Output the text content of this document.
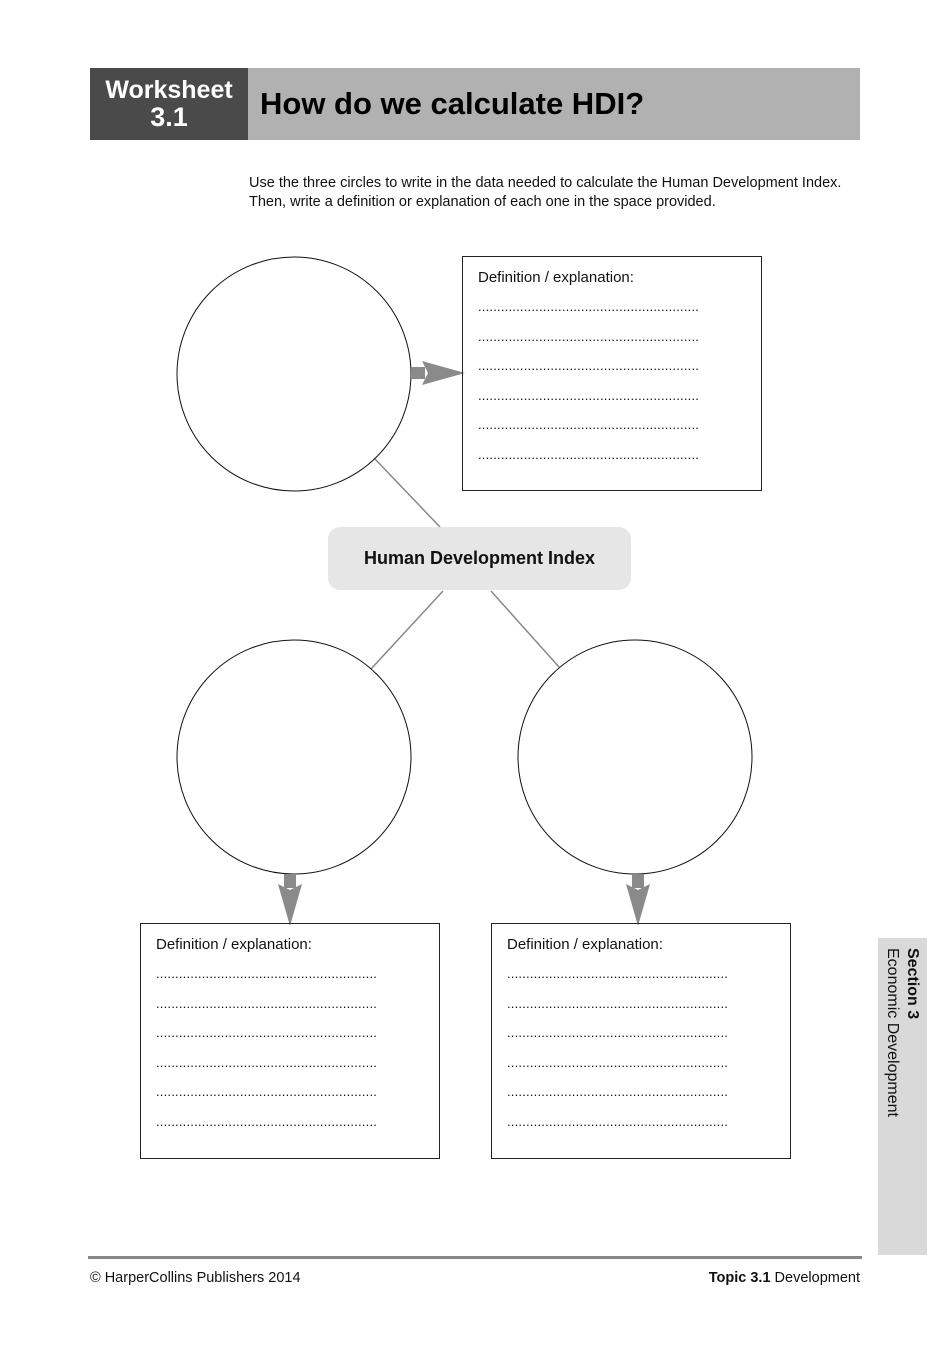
Worksheet
3.1	How do we calculate HDI?
Use the three circles to write in the data needed to calculate the Human Development Index. Then, write a definition or explanation of each one in the space provided.
Definition / explanation:
..........................................................
..........................................................
..........................................................
..........................................................
..........................................................
..........................................................
Definition / explanation:
..........................................................
..........................................................
..........................................................
..........................................................
..........................................................
..........................................................
Definition / explanation:
..........................................................
..........................................................
..........................................................
..........................................................
..........................................................
..........................................................
Human Development Index
Section 3
Economic Development
© HarperCollins Publishers 2014	Topic 3.1 Development
